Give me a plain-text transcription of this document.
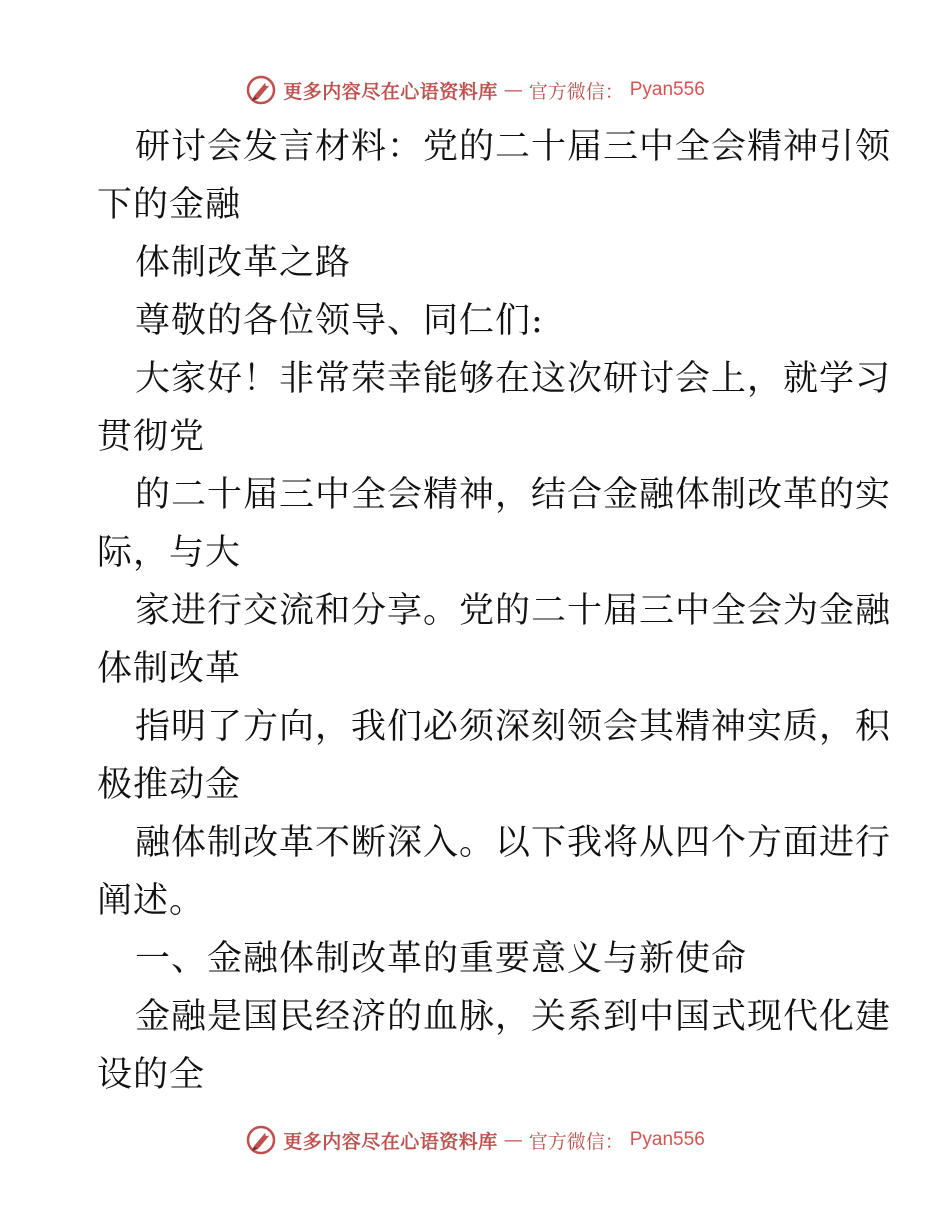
更多内容尽在心语资料库 — 官方微信： Pyan556
研讨会发言材料：党的二十届三中全会精神引领
下的金融
体制改革之路
尊敬的各位领导、同仁们:
大家好！非常荣幸能够在这次研讨会上，就学习
贯彻党
的二十届三中全会精神，结合金融体制改革的实
际，与大
家进行交流和分享。党的二十届三中全会为金融
体制改革
指明了方向，我们必须深刻领会其精神实质，积
极推动金
融体制改革不断深入。以下我将从四个方面进行
阐述。
一、金融体制改革的重要意义与新使命
金融是国民经济的血脉，关系到中国式现代化建
设的全
更多内容尽在心语资料库 — 官方微信： Pyan556
